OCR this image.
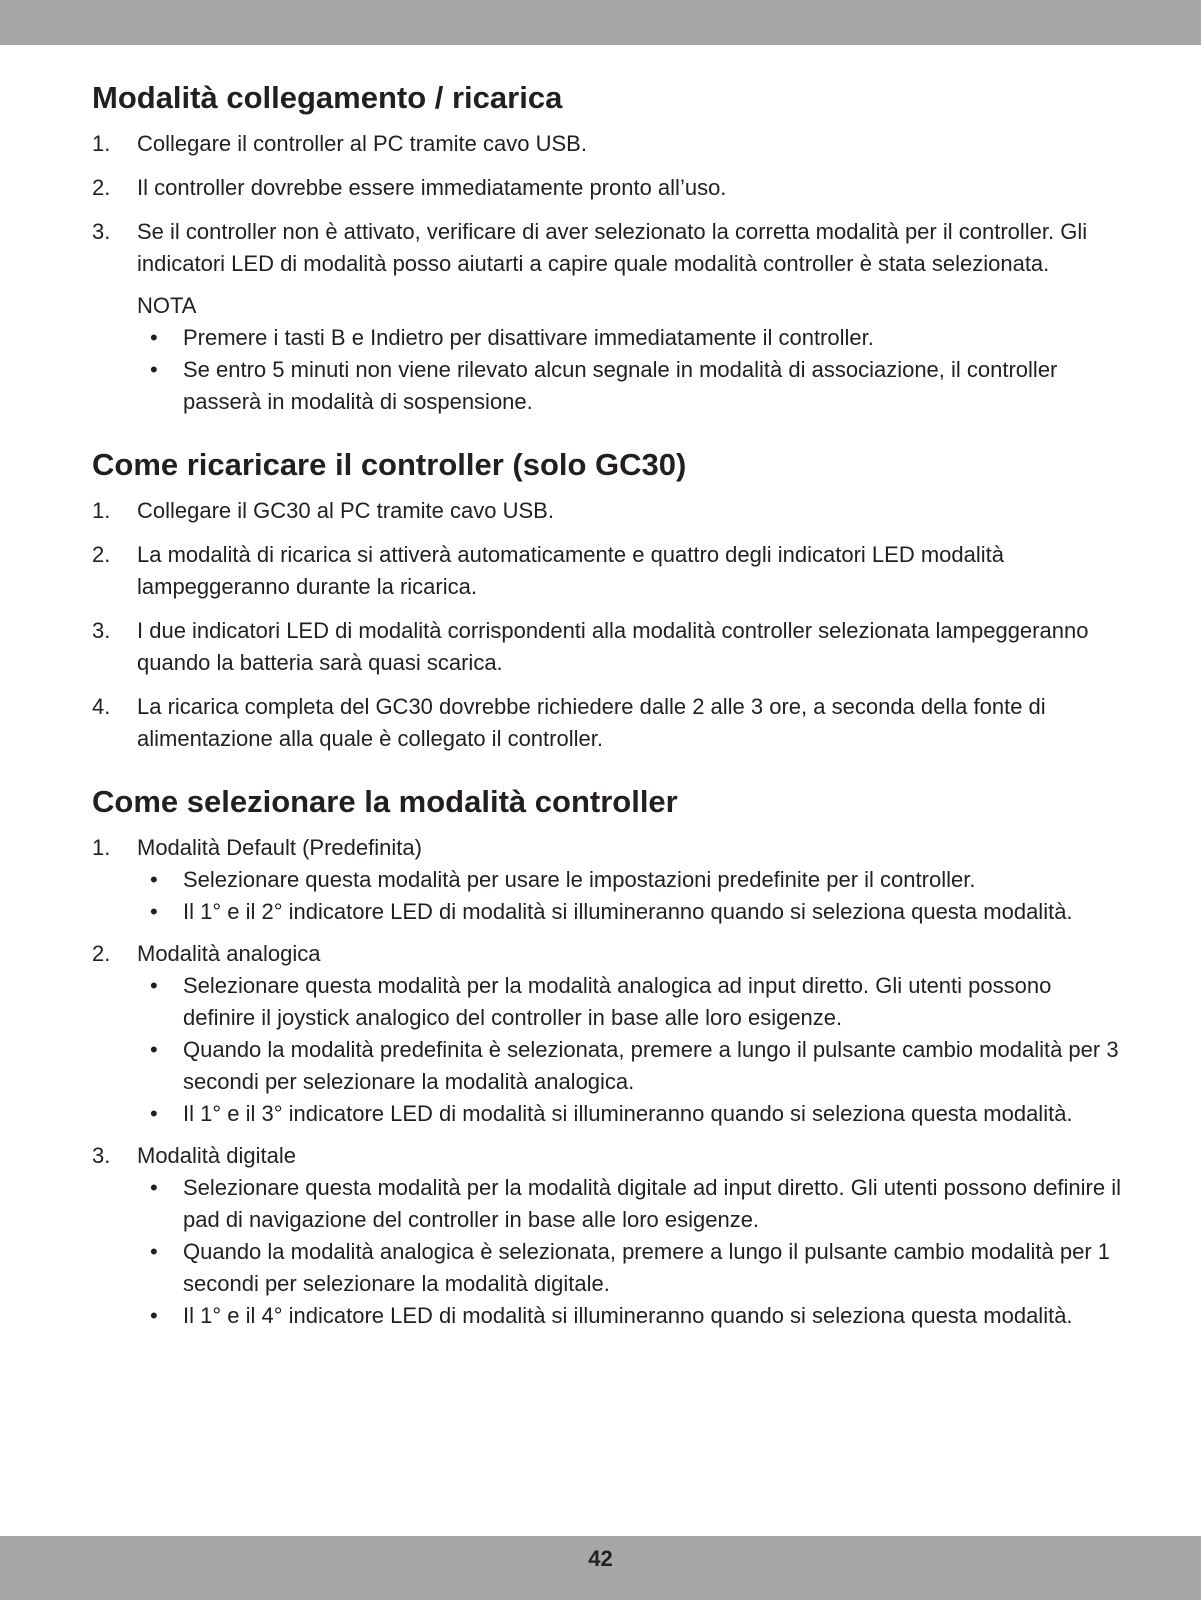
Modalità collegamento / ricarica
1. Collegare il controller al PC tramite cavo USB.
2. Il controller dovrebbe essere immediatamente pronto all’uso.
3. Se il controller non è attivato, verificare di aver selezionato la corretta modalità per il controller. Gli indicatori LED di modalità posso aiutarti a capire quale modalità controller è stata selezionata.
NOTA
• Premere i tasti B e Indietro per disattivare immediatamente il controller.
• Se entro 5 minuti non viene rilevato alcun segnale in modalità di associazione, il controller passerà in modalità di sospensione.
Come ricaricare il controller (solo GC30)
1. Collegare il GC30 al PC tramite cavo USB.
2. La modalità di ricarica si attiverà automaticamente e quattro degli indicatori LED modalità lampeggeranno durante la ricarica.
3. I due indicatori LED di modalità corrispondenti alla modalità controller selezionata lampeggeranno quando la batteria sarà quasi scarica.
4. La ricarica completa del GC30 dovrebbe richiedere dalle 2 alle 3 ore, a seconda della fonte di alimentazione alla quale è collegato il controller.
Come selezionare la modalità controller
1. Modalità Default (Predefinita)
• Selezionare questa modalità per usare le impostazioni predefinite per il controller.
• Il 1° e il 2° indicatore LED di modalità si illumineranno quando si seleziona questa modalità.
2. Modalità analogica
• Selezionare questa modalità per la modalità analogica ad input diretto. Gli utenti possono definire il joystick analogico del controller in base alle loro esigenze.
• Quando la modalità predefinita è selezionata, premere a lungo il pulsante cambio modalità per 3 secondi per selezionare la modalità analogica.
• Il 1° e il 3° indicatore LED di modalità si illumineranno quando si seleziona questa modalità.
3. Modalità digitale
• Selezionare questa modalità per la modalità digitale ad input diretto. Gli utenti possono definire il pad di navigazione del controller in base alle loro esigenze.
• Quando la modalità analogica è selezionata, premere a lungo il pulsante cambio modalità per 1 secondi per selezionare la modalità digitale.
• Il 1° e il 4° indicatore LED di modalità si illumineranno quando si seleziona questa modalità.
42
